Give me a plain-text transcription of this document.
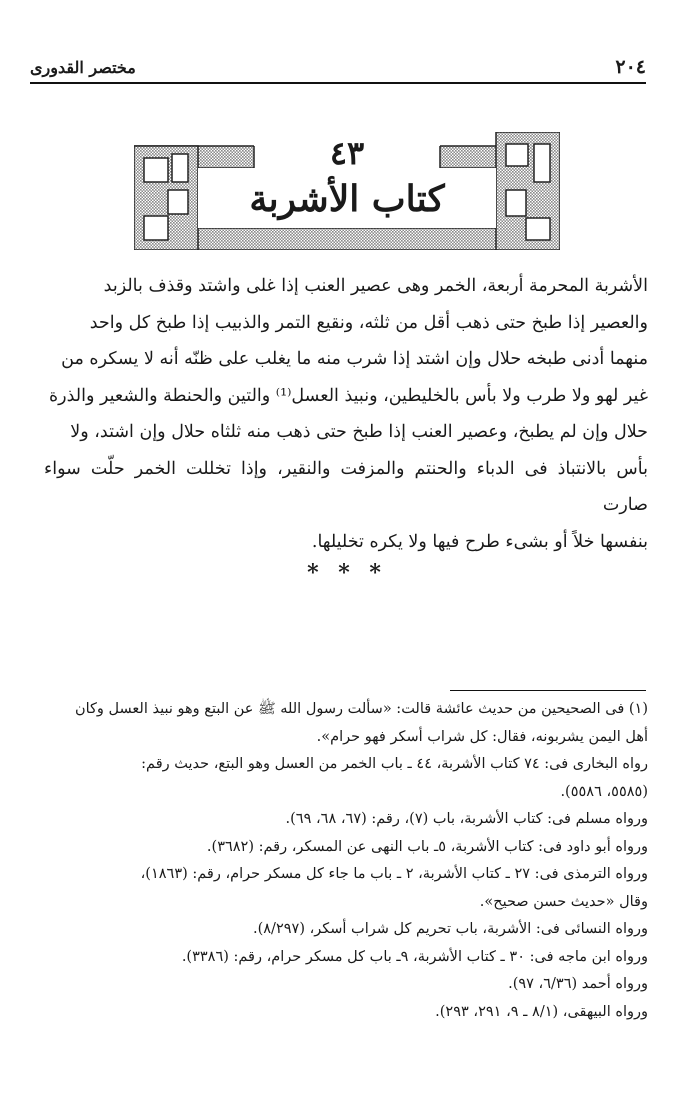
٢٠٤
مختصر القدورى
٤٣
كتاب الأشربة

الأشربة المحرمة أربعة، الخمر وهى عصير العنب إذا غلى واشتد وقذف بالزبد

والعصير إذا طبخ حتى ذهب أقل من ثلثه، ونقيع التمر والذبيب إذا طبخ كل واحد

منهما أدنى طبخه حلال وإن اشتد إذا شرب منه ما يغلب على ظنّه أنه لا يسكره من

غير لهو ولا طرب ولا بأس بالخليطين، ونبيذ العسل⁽¹⁾ والتين والحنطة والشعير والذرة

حلال وإن لم يطبخ، وعصير العنب إذا طبخ حتى ذهب منه ثلثاه حلال وإن اشتد، ولا

بأس بالانتباذ فى الدباء والحنتم والمزفت والنقير، وإذا تخللت الخمر حلّت سواء صارت

بنفسها خلاً أو بشىء طرح فيها ولا يكره تخليلها.

* * *
(١) فى الصحيحين من حديث عائشة قالت: «سألت رسول الله ﷺ عن البتع وهو نبيذ العسل وكان
أهل اليمن يشربونه، فقال: كل شراب أسكر فهو حرام».
رواه البخارى فى: ٧٤ كتاب الأشربة، ٤٤ ـ باب الخمر من العسل وهو البتع، حديث رقم:
(٥٥٨٥، ٥٥٨٦).
ورواه مسلم فى: كتاب الأشربة، باب (٧)، رقم: (٦٧، ٦٨، ٦٩).
ورواه أبو داود فى: كتاب الأشربة، ٥ـ باب النهى عن المسكر، رقم: (٣٦٨٢).
ورواه الترمذى فى: ٢٧ ـ كتاب الأشربة، ٢ ـ باب ما جاء كل مسكر حرام، رقم: (١٨٦٣)،
وقال «حديث حسن صحيح».
ورواه النسائى فى: الأشربة، باب تحريم كل شراب أسكر، (٨/٢٩٧).
ورواه ابن ماجه فى: ٣٠ ـ كتاب الأشربة، ٩ـ باب كل مسكر حرام، رقم: (٣٣٨٦).
ورواه أحمد (٦/٣٦، ٩٧).
ورواه البيهقى، (٨/١ ـ ٩، ٢٩١، ٢٩٣).
